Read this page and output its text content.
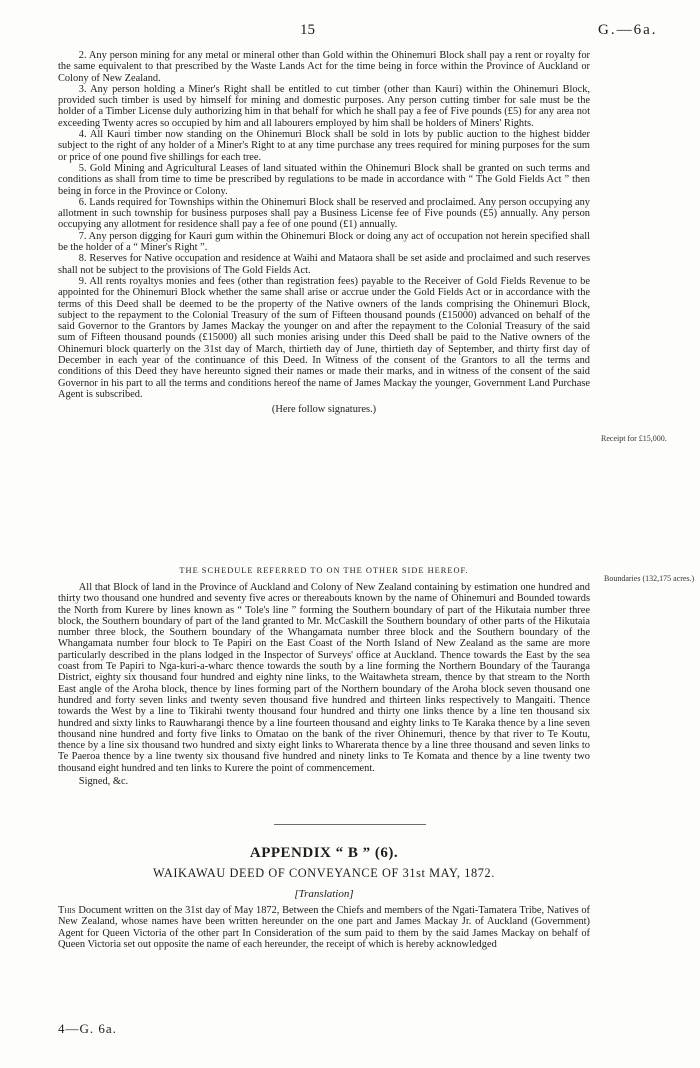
15	G.—6a.

2. Any person mining for any metal or mineral other than Gold within the Ohinemuri Block shall pay a rent or royalty for the same equivalent to that prescribed by the Waste Lands Act for the time being in force within the Province of Auckland or Colony of New Zealand.

3. Any person holding a Miner's Right shall be entitled to cut timber (other than Kauri) within the Ohinemuri Block, provided such timber is used by himself for mining and domestic purposes. Any person cutting timber for sale must be the holder of a Timber License duly authorizing him in that behalf for which he shall pay a fee of Five pounds (£5) for any area not exceeding Twenty acres so occupied by him and all labourers employed by him shall be holders of Miners' Rights.

4. All Kauri timber now standing on the Ohinemuri Block shall be sold in lots by public auction to the highest bidder subject to the right of any holder of a Miner's Right to at any time purchase any trees required for mining purposes for the sum or price of one pound five shillings for each tree.

5. Gold Mining and Agricultural Leases of land situated within the Ohinemuri Block shall be granted on such terms and conditions as shall from time to time be prescribed by regulations to be made in accordance with “ The Gold Fields Act ” then being in force in the Province or Colony.

6. Lands required for Townships within the Ohinemuri Block shall be reserved and proclaimed. Any person occupying any allotment in such township for business purposes shall pay a Business License fee of Five pounds (£5) annually. Any person occupying any allotment for residence shall pay a fee of one pound (£1) annually.

7. Any person digging for Kauri gum within the Ohinemuri Block or doing any act of occupation not herein specified shall be the holder of a “ Miner's Right ”.

8. Reserves for Native occupation and residence at Waihi and Mataora shall be set aside and proclaimed and such reserves shall not be subject to the provisions of The Gold Fields Act.

9. All rents royaltys monies and fees (other than registration fees) payable to the Receiver of Gold Fields Revenue to be appointed for the Ohinemuri Block whether the same shall arise or accrue under the Gold Fields Act or in accordance with the terms of this Deed shall be deemed to be the property of the Native owners of the lands comprising the Ohinemuri Block, subject to the repayment to the Colonial Treasury of the sum of Fifteen thousand pounds (£15000) advanced on behalf of the said Governor to the Grantors by James Mackay the younger on and after the repayment to the Colonial Treasury of the said sum of Fifteen thousand pounds (£15000) all such monies arising under this Deed shall be paid to the Native owners of the Ohinemuri block quarterly on the 31st day of March, thirtieth day of June, thirtieth day of September, and thirty first day of December in each year of the continuance of this Deed. In Witness of the consent of the Grantors to all the terms and conditions of this Deed they have hereunto signed their names or made their marks, and in witness of the consent of the said Governor in his part to all the terms and conditions hereof the name of James Mackay the younger, Government Land Purchase Agent is subscribed.

(Here follow signatures.)

Receipt for £15,000.
THE SCHEDULE REFERRED TO ON THE OTHER SIDE HEREOF.

All that Block of land in the Province of Auckland and Colony of New Zealand containing by estimation one hundred and thirty two thousand one hundred and seventy five acres or thereabouts known by the name of Ohinemuri and Bounded towards the North from Kurere by lines known as “ Tole's line ” forming the Southern boundary of part of the Hikutaia number three block, the Southern boundary of part of the land granted to Mr. McCaskill the Southern boundary of other parts of the Hikutaia number three block, the Southern boundary of the Whangamata number three block and the Southern boundary of the Whangamata number four block to Te Papiri on the East Coast of the North Island of New Zealand as the same are more particularly described in the plans lodged in the Inspector of Surveys' office at Auckland. Thence towards the East by the sea coast from Te Papiri to Nga-kuri-a-wharc thence towards the south by a line forming the Northern Boundary of the Tauranga District, eighty six thousand four hundred and eighty nine links, to the Waitawheta stream, thence by that stream to the North East angle of the Aroha block, thence by lines forming part of the Northern boundary of the Aroha block seven thousand one hundred and forty seven links and twenty seven thousand five hundred and thirteen links respectively to Mangaiti. Thence towards the West by a line to Tikirahi twenty thousand four hundred and thirty one links thence by a line ten thousand six hundred and sixty links to Rauwharangi thence by a line fourteen thousand and eighty links to Te Karaka thence by a line seven thousand nine hundred and forty five links to Omatao on the bank of the river Ohinemuri, thence by that river to Te Koutu, thence by a line six thousand two hundred and sixty eight links to Wharerata thence by a line three thousand and seven links to Te Paeroa thence by a line twenty six thousand five hundred and ninety links to Te Komata and thence by a line twenty two thousand eight hundred and ten links to Kurere the point of commencement.

Signed, &c.

Boundaries (132,175 acres.)
APPENDIX “ B ” (6).
WAIKAWAU DEED OF CONVEYANCE OF 31st MAY, 1872.
[Translation]

This Document written on the 31st day of May 1872, Between the Chiefs and members of the Ngati-Tamatera Tribe, Natives of New Zealand, whose names have been written hereunder on the one part and James Mackay Jr. of Auckland (Government) Agent for Queen Victoria of the other part In Consideration of the sum paid to them by the said James Mackay on behalf of Queen Victoria set out opposite the name of each hereunder, the receipt of which is hereby acknowledged

4—G. 6a.
